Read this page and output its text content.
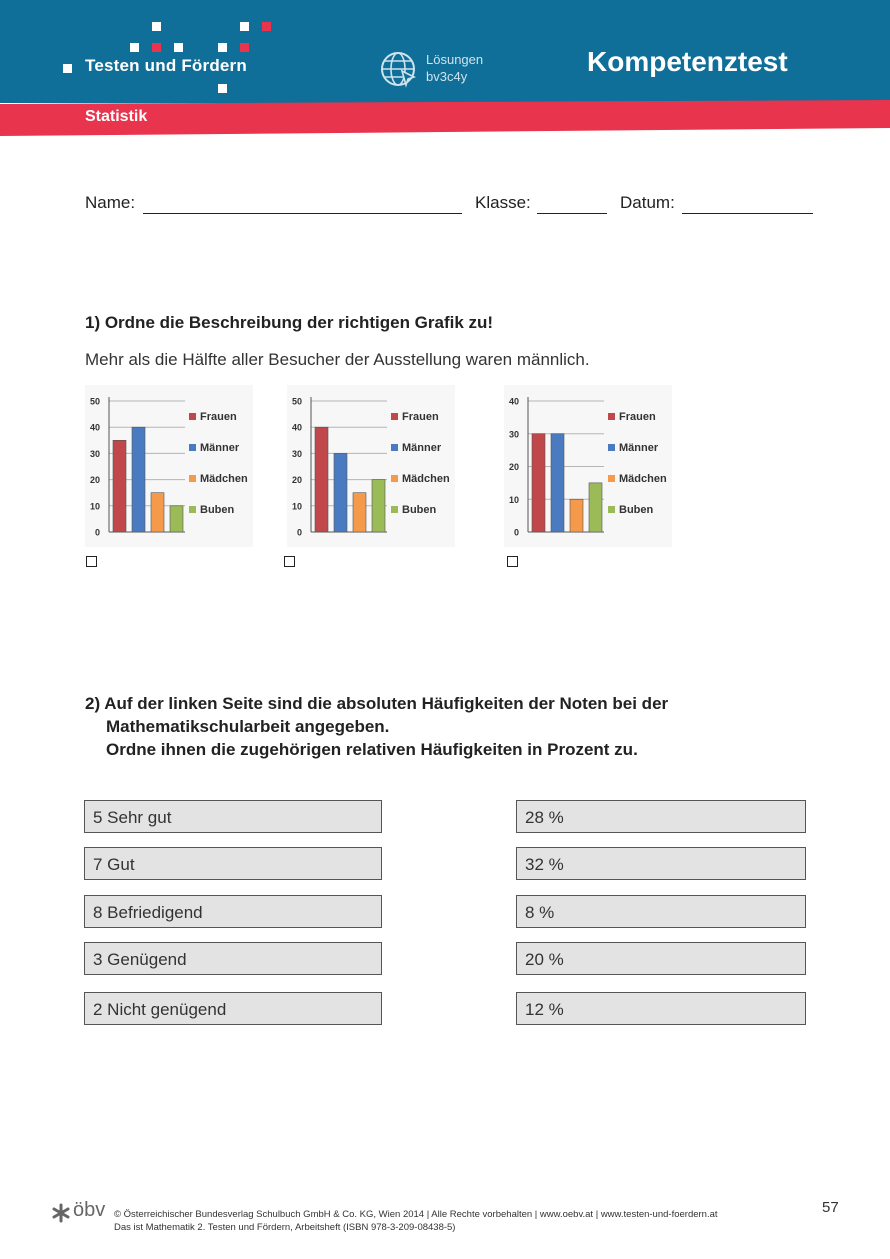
Testen und Fördern	Lösungen
bv3c4y	Kompetenztest
Statistik
Name:	Klasse:	Datum:
1) Ordne die Beschreibung der richtigen Grafik zu!
Mehr als die Hälfte aller Besucher der Ausstellung waren männlich.
0
10
20
30
40
50
Frauen
Männer
Mädchen
Buben
0
10
20
30
40
50
Frauen
Männer
Mädchen
Buben
0
10
20
30
40
Frauen
Männer
Mädchen
Buben
2) Auf der linken Seite sind die absoluten Häufigkeiten der Noten bei der
Mathematikschularbeit angegeben.
Ordne ihnen die zugehörigen relativen Häufigkeiten in Prozent zu.
5 Sehr gut
7 Gut
8 Befriedigend
3 Genügend
2 Nicht genügend
28 %
32 %
8 %
20 %
12 %
öbv © Österreichischer Bundesverlag Schulbuch GmbH & Co. KG, Wien 2014 | Alle Rechte vorbehalten | www.oebv.at | www.testen-und-foerdern.at
Das ist Mathematik 2. Testen und Fördern, Arbeitsheft (ISBN 978-3-209-08438-5)
57
